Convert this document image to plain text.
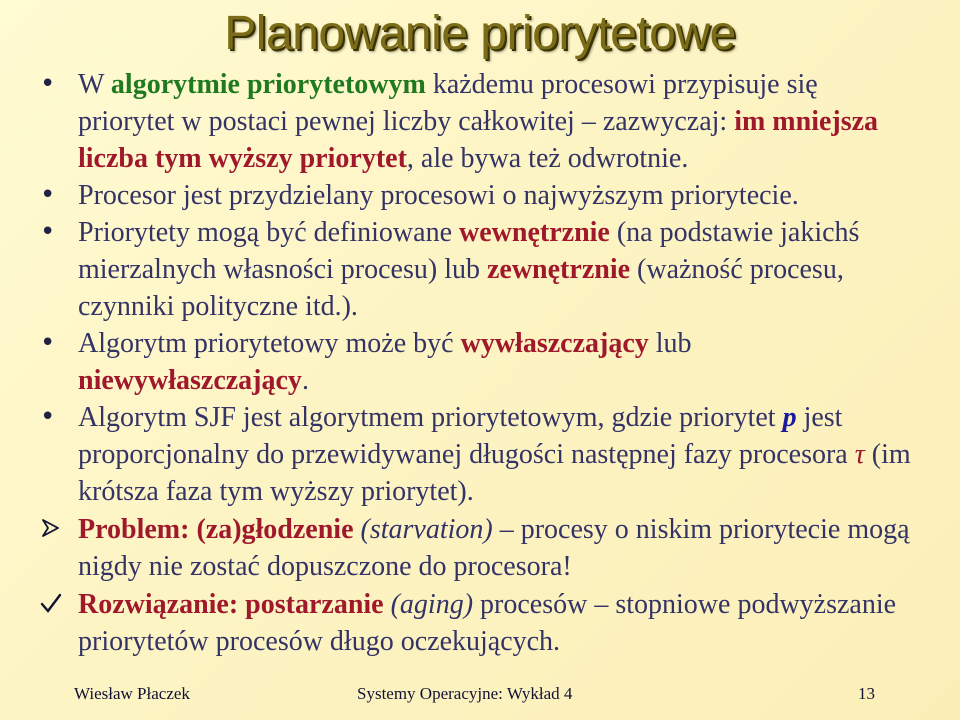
Planowanie priorytetowe

•
W algorytmie priorytetowym każdemu procesowi przypisuje się priorytet w postaci pewnej liczby całkowitej – zazwyczaj: im mniejsza liczba tym wyższy priorytet, ale bywa też odwrotnie.

•
Procesor jest przydzielany procesowi o najwyższym priorytecie.

•
Priorytety mogą być definiowane wewnętrznie (na podstawie jakichś mierzalnych własności procesu) lub zewnętrznie (ważność procesu, czynniki polityczne itd.).

•
Algorytm priorytetowy może być wywłaszczający lub niewywłaszczający.

•
Algorytm SJF jest algorytmem priorytetowym, gdzie priorytet p jest proporcjonalny do przewidywanej długości następnej fazy procesora τ (im krótsza faza tym wyższy priorytet).

Problem: (za)głodzenie (starvation) – procesy o niskim priorytecie mogą nigdy nie zostać dopuszczone do procesora!

Rozwiązanie: postarzanie (aging) procesów – stopniowe podwyższanie priorytetów procesów długo oczekujących.

Wiesław Płaczek	Systemy Operacyjne: Wykład 4	13
